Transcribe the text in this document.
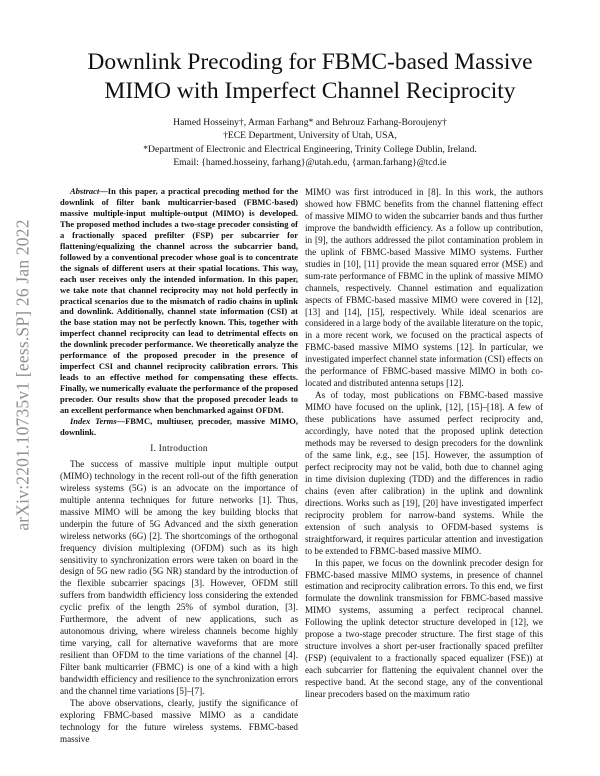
arXiv:2201.10735v1 [eess.SP] 26 Jan 2022
Downlink Precoding for FBMC-based Massive MIMO with Imperfect Channel Reciprocity
Hamed Hosseiny†, Arman Farhang* and Behrouz Farhang-Boroujeny†
†ECE Department, University of Utah, USA,
*Department of Electronic and Electrical Engineering, Trinity College Dublin, Ireland.
Email: {hamed.hosseiny, farhang}@utah.edu, {arman.farhang}@tcd.ie

Abstract—In this paper, a practical precoding method for the downlink of filter bank multicarrier-based (FBMC-based) massive multiple-input multiple-output (MIMO) is developed. The proposed method includes a two-stage precoder consisting of a fractionally spaced prefilter (FSP) per subcarrier for flattening/equalizing the channel across the subcarrier band, followed by a conventional precoder whose goal is to concentrate the signals of different users at their spatial locations. This way, each user receives only the intended information. In this paper, we take note that channel reciprocity may not hold perfectly in practical scenarios due to the mismatch of radio chains in uplink and downlink. Additionally, channel state information (CSI) at the base station may not be perfectly known. This, together with imperfect channel reciprocity can lead to detrimental effects on the downlink precoder performance. We theoretically analyze the performance of the proposed precoder in the presence of imperfect CSI and channel reciprocity calibration errors. This leads to an effective method for compensating these effects. Finally, we numerically evaluate the performance of the proposed precoder. Our results show that the proposed precoder leads to an excellent performance when benchmarked against OFDM.

Index Terms—FBMC, multiuser, precoder, massive MIMO, downlink.

I. Introduction

The success of massive multiple input multiple output (MIMO) technology in the recent roll-out of the fifth generation wireless systems (5G) is an advocate on the importance of multiple antenna techniques for future networks [1]. Thus, massive MIMO will be among the key building blocks that underpin the future of 5G Advanced and the sixth generation wireless networks (6G) [2]. The shortcomings of the orthogonal frequency division multiplexing (OFDM) such as its high sensitivity to synchronization errors were taken on board in the design of 5G new radio (5G NR) standard by the introduction of the flexible subcarrier spacings [3]. However, OFDM still suffers from bandwidth efficiency loss considering the extended cyclic prefix of the length 25% of symbol duration, [3]. Furthermore, the advent of new applications, such as autonomous driving, where wireless channels become highly time varying, call for alternative waveforms that are more resilient than OFDM to the time variations of the channel [4]. Filter bank multicarrier (FBMC) is one of a kind with a high bandwidth efficiency and resilience to the synchronization errors and the channel time variations [5]–[7].

The above observations, clearly, justify the significance of exploring FBMC-based massive MIMO as a candidate technology for the future wireless systems. FBMC-based massive

MIMO was first introduced in [8]. In this work, the authors showed how FBMC benefits from the channel flattening effect of massive MIMO to widen the subcarrier bands and thus further improve the bandwidth efficiency. As a follow up contribution, in [9], the authors addressed the pilot contamination problem in the uplink of FBMC-based Massive MIMO systems. Further studies in [10], [11] provide the mean squared error (MSE) and sum-rate performance of FBMC in the uplink of massive MIMO channels, respectively. Channel estimation and equalization aspects of FBMC-based massive MIMO were covered in [12], [13] and [14], [15], respectively. While ideal scenarios are considered in a large body of the available literature on the topic, in a more recent work, we focused on the practical aspects of FBMC-based massive MIMO systems [12]. In particular, we investigated imperfect channel state information (CSI) effects on the performance of FBMC-based massive MIMO in both co-located and distributed antenna setups [12].

As of today, most publications on FBMC-based massive MIMO have focused on the uplink, [12], [15]–[18]. A few of these publications have assumed perfect reciprocity and, accordingly, have noted that the proposed uplink detection methods may be reversed to design precoders for the downlink of the same link, e.g., see [15]. However, the assumption of perfect reciprocity may not be valid, both due to channel aging in time division duplexing (TDD) and the differences in radio chains (even after calibration) in the uplink and downlink directions. Works such as [19], [20] have investigated imperfect reciprocity problem for narrow-band systems. While the extension of such analysis to OFDM-based systems is straightforward, it requires particular attention and investigation to be extended to FBMC-based massive MIMO.

In this paper, we focus on the downlink precoder design for FBMC-based massive MIMO systems, in presence of channel estimation and reciprocity calibration errors. To this end, we first formulate the downlink transmission for FBMC-based massive MIMO systems, assuming a perfect reciprocal channel. Following the uplink detector structure developed in [12], we propose a two-stage precoder structure. The first stage of this structure involves a short per-user fractionally spaced prefilter (FSP) (equivalent to a fractionally spaced equalizer (FSE)) at each subcarrier for flattening the equivalent channel over the respective band. At the second stage, any of the conventional linear precoders based on the maximum ratio
